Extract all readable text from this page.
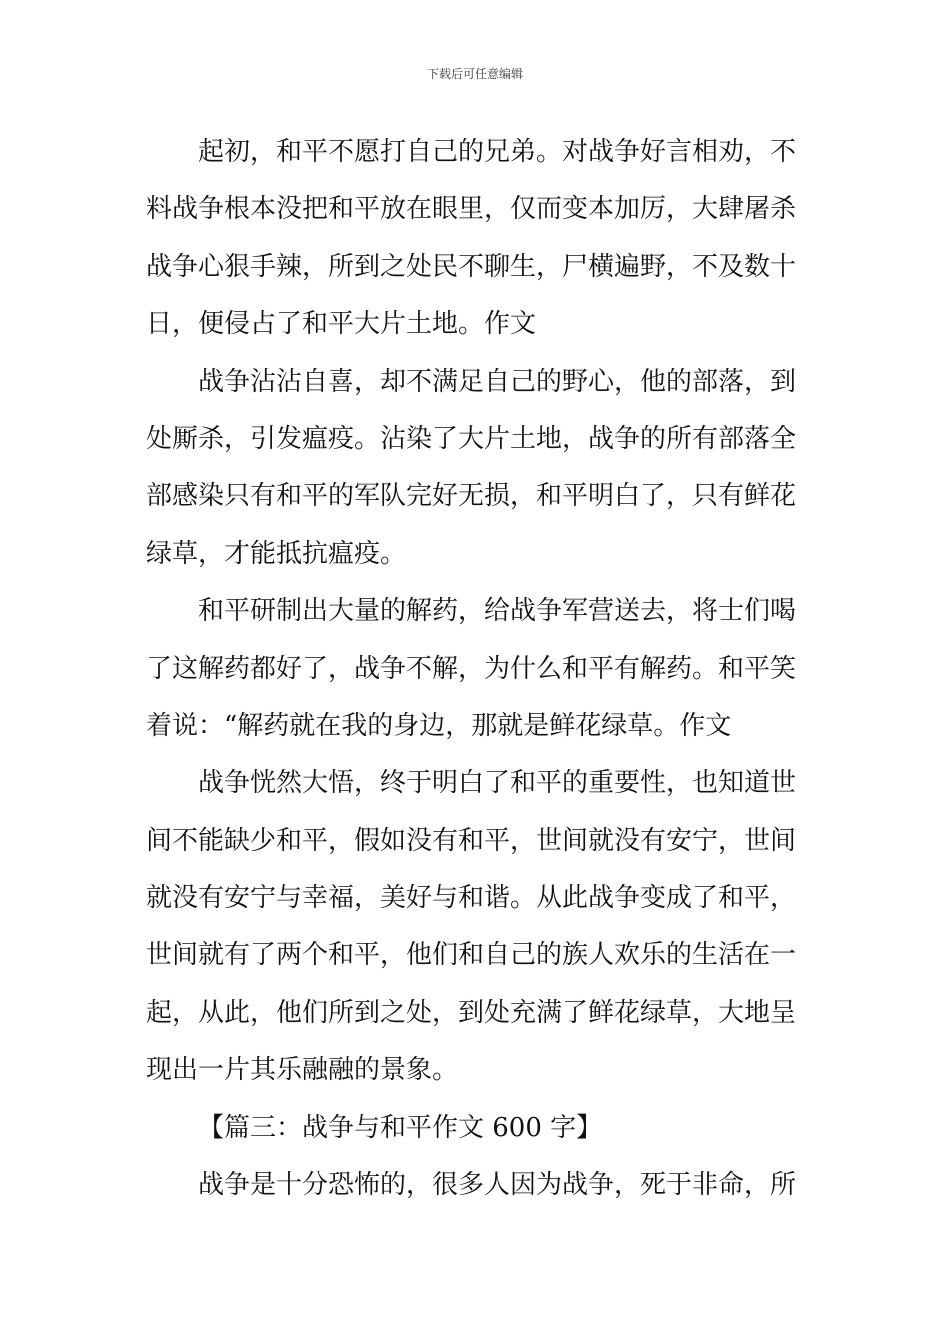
下载后可任意编辑
起初，和平不愿打自己的兄弟。对战争好言相劝，不
料战争根本没把和平放在眼里，仅而变本加厉，大肆屠杀
战争心狠手辣，所到之处民不聊生，尸横遍野，不及数十
日，便侵占了和平大片土地。作文
战争沾沾自喜，却不满足自己的野心，他的部落，到
处厮杀，引发瘟疫。沾染了大片土地，战争的所有部落全
部感染只有和平的军队完好无损，和平明白了，只有鲜花
绿草，才能抵抗瘟疫。
和平研制出大量的解药，给战争军营送去，将士们喝
了这解药都好了，战争不解，为什么和平有解药。和平笑
着说：“解药就在我的身边，那就是鲜花绿草。作文
战争恍然大悟，终于明白了和平的重要性，也知道世
间不能缺少和平，假如没有和平，世间就没有安宁，世间
就没有安宁与幸福，美好与和谐。从此战争变成了和平，
世间就有了两个和平，他们和自己的族人欢乐的生活在一
起，从此，他们所到之处，到处充满了鲜花绿草，大地呈
现出一片其乐融融的景象。
【篇三：战争与和平作文 600 字】
战争是十分恐怖的，很多人因为战争，死于非命，所
